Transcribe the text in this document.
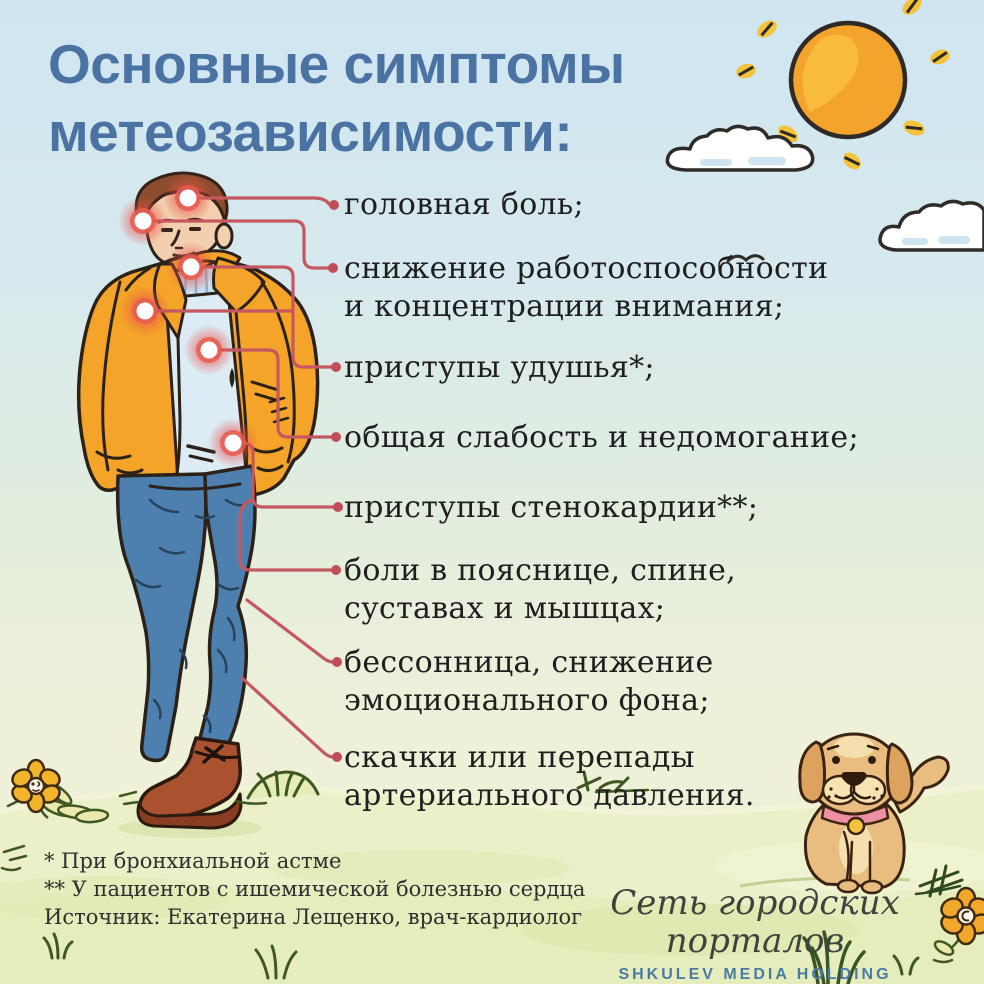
Основные симптомы
метеозависимости:
головная боль;
снижение работоспособности
и концентрации внимания;
приступы удушья*;
общая слабость и недомогание;
приступы стенокардии**;
боли в пояснице, спине,
суставах и мышцах;
бессонница, снижение
эмоционального фона;
скачки или перепады
артериального давления.
* При бронхиальной астме
** У пациентов с ишемической болезнью сердца
Источник: Екатерина Лещенко, врач-кардиолог Сеть городских порталов
SHKULEV MEDIA HOLDING
